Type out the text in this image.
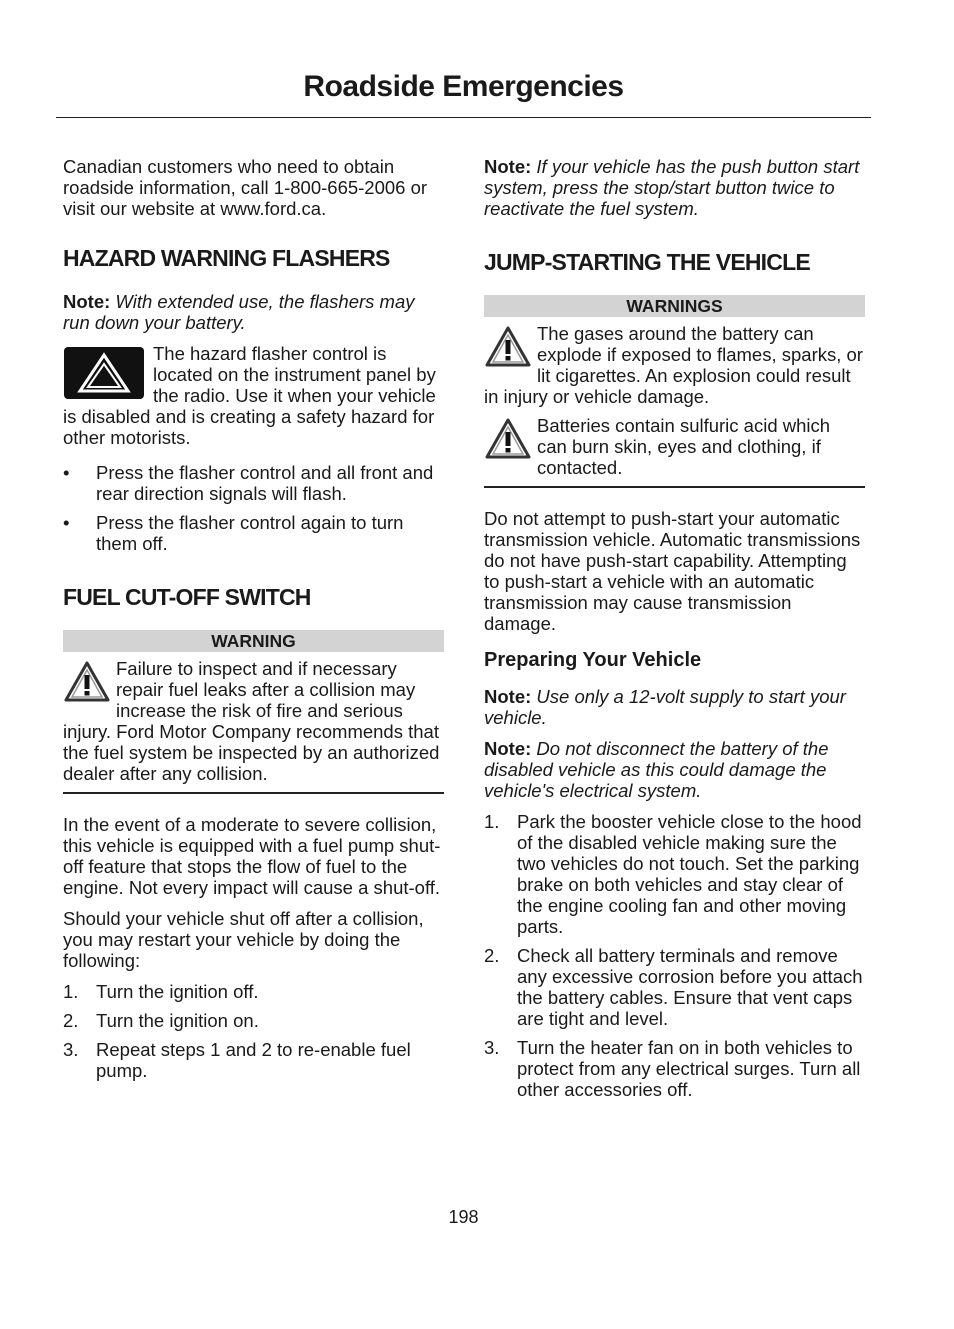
Roadside Emergencies

Canadian customers who need to obtain roadside information, call 1-800-665-2006 or visit our website at www.ford.ca.

HAZARD WARNING FLASHERS

Note: With extended use, the flashers may run down your battery.

The hazard flasher control is located on the instrument panel by the radio. Use it when your vehicle is disabled and is creating a safety hazard for other motorists.
• Press the flasher control and all front and rear direction signals will flash.
• Press the flasher control again to turn them off.
FUEL CUT-OFF SWITCH
WARNING
Failure to inspect and if necessary repair fuel leaks after a collision may increase the risk of fire and serious injury. Ford Motor Company recommends that the fuel system be inspected by an authorized dealer after any collision.

In the event of a moderate to severe collision, this vehicle is equipped with a fuel pump shut-off feature that stops the flow of fuel to the engine. Not every impact will cause a shut-off.

Should your vehicle shut off after a collision, you may restart your vehicle by doing the following:

1. Turn the ignition off.
2. Turn the ignition on.
3. Repeat steps 1 and 2 to re-enable fuel pump.

Note: If your vehicle has the push button start system, press the stop/start button twice to reactivate the fuel system.

JUMP-STARTING THE VEHICLE
WARNINGS
The gases around the battery can explode if exposed to flames, sparks, or lit cigarettes. An explosion could result in injury or vehicle damage.
Batteries contain sulfuric acid which can burn skin, eyes and clothing, if contacted.

Do not attempt to push-start your automatic transmission vehicle. Automatic transmissions do not have push-start capability. Attempting to push-start a vehicle with an automatic transmission may cause transmission damage.

Preparing Your Vehicle

Note: Use only a 12-volt supply to start your vehicle.

Note: Do not disconnect the battery of the disabled vehicle as this could damage the vehicle's electrical system.

1. Park the booster vehicle close to the hood of the disabled vehicle making sure the two vehicles do not touch. Set the parking brake on both vehicles and stay clear of the engine cooling fan and other moving parts.
2. Check all battery terminals and remove any excessive corrosion before you attach the battery cables. Ensure that vent caps are tight and level.
3. Turn the heater fan on in both vehicles to protect from any electrical surges. Turn all other accessories off.
198
